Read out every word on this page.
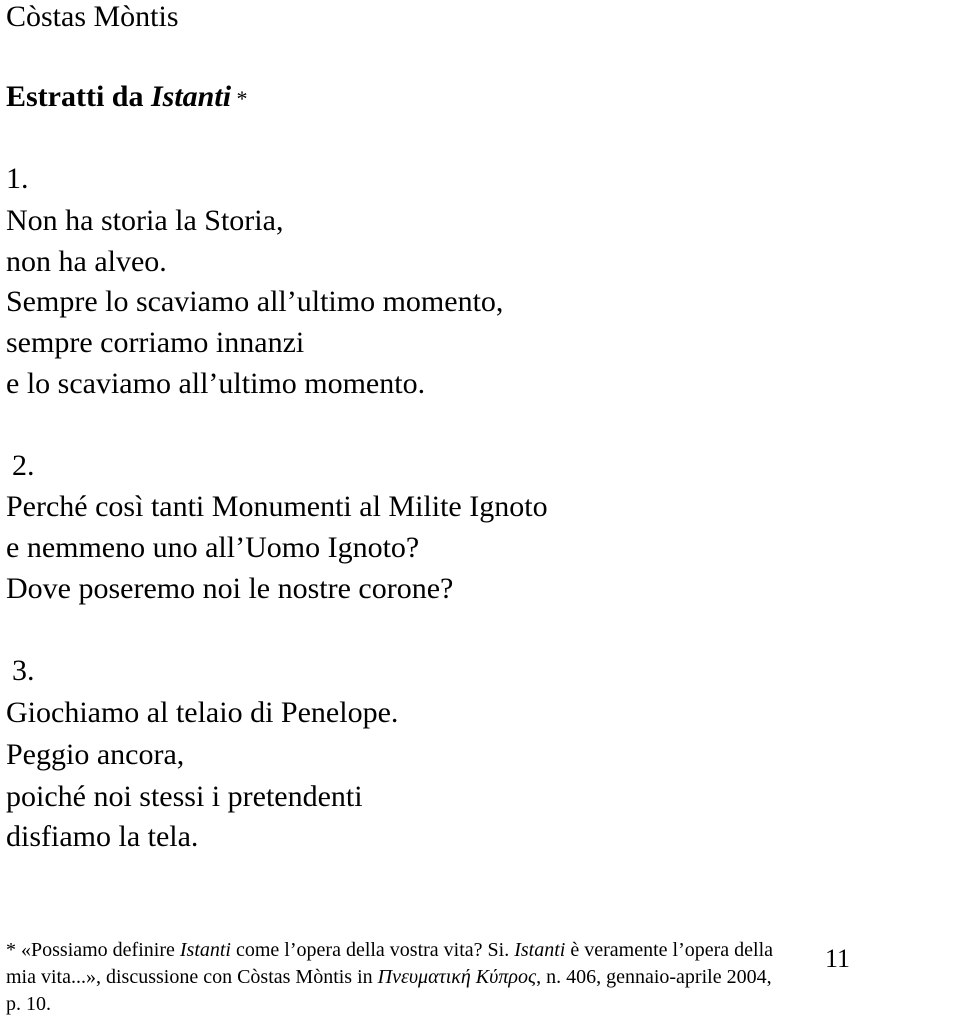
Còstas Mòntis
Estratti da Istanti *
1.
Non ha storia la Storia,
non ha alveo.
Sempre lo scaviamo all’ultimo momento,
sempre corriamo innanzi
e lo scaviamo all’ultimo momento.
2.
Perché così tanti Monumenti al Milite Ignoto
e nemmeno uno all’Uomo Ignoto?
Dove poseremo noi le nostre corone?
3.
Giochiamo al telaio di Penelope.
Peggio ancora,
poiché noi stessi i pretendenti
disfiamo la tela.
* «Possiamo definire Istanti come l’opera della vostra vita? Si. Istanti è veramente l’opera della
mia vita...», discussione con Còstas Mòntis in Πνευματική Κύπρος, n. 406, gennaio-aprile 2004,
p. 10.
11
